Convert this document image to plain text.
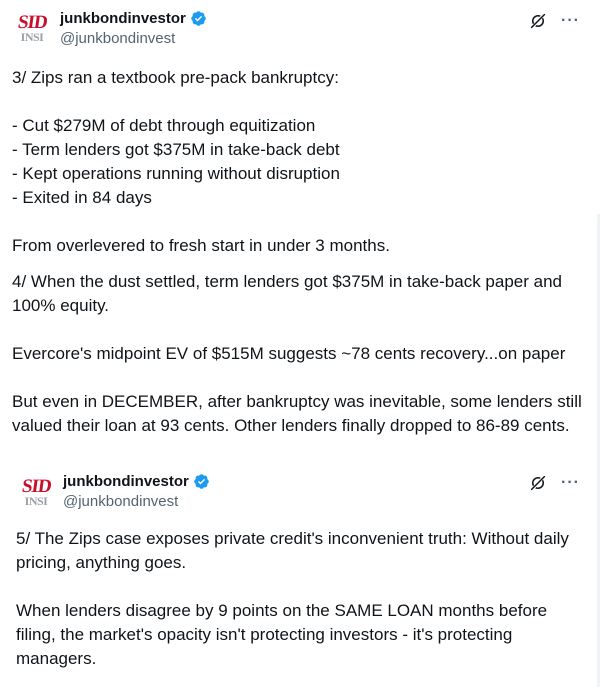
SID
INSI
junkbondinvestor
@junkbondinvest
···
3/ Zips ran a textbook pre-pack bankruptcy:
- Cut $279M of debt through equitization
- Term lenders got $375M in take-back debt
- Kept operations running without disruption
- Exited in 84 days
From overlevered to fresh start in under 3 months.
4/ When the dust settled, term lenders got $375M in take-back paper and 100% equity.
Evercore's midpoint EV of $515M suggests ~78 cents recovery...on paper
But even in DECEMBER, after bankruptcy was inevitable, some lenders still valued their loan at 93 cents. Other lenders finally dropped to 86-89 cents.
SID
INSI
junkbondinvestor
@junkbondinvest
···
5/ The Zips case exposes private credit's inconvenient truth: Without daily pricing, anything goes.
When lenders disagree by 9 points on the SAME LOAN months before filing, the market's opacity isn't protecting investors - it's protecting managers.
